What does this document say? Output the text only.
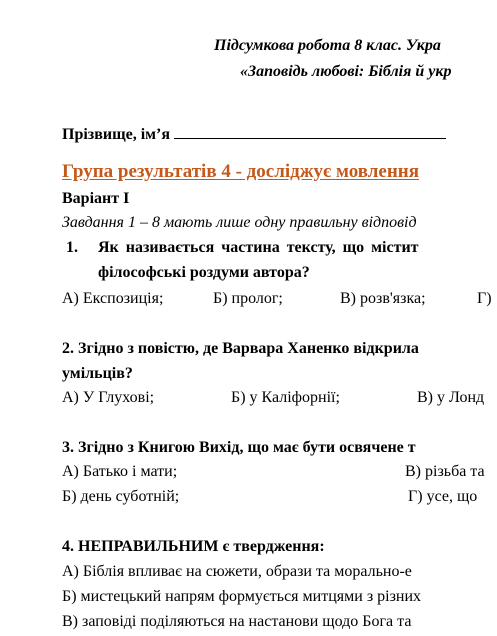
Підсумкова робота 8 клас. Укра
«Заповідь любові: Біблія й укр
Прізвище, ім’я
Група результатів 4 - досліджує мовлення
Варіант І
Завдання 1 – 8 мають лише одну правильну відповід
1. Як називається частина тексту, що містит
філософські роздуми автора?
А) Експозиція;	Б) пролог;	В) розв'язка;	Г)
2. Згідно з повістю, де Варвара Ханенко відкрила
умільців?
А) У Глухові;	Б) у Каліфорнії;	В) у Лонд
3. Згідно з Книгою Вихід, що має бути освячене т
А) Батько і мати;	В) різьба та
Б) день суботній;	Г) усе, що
4. НЕПРАВИЛЬНИМ є твердження:
А) Біблія впливає на сюжети, образи та морально-е
Б) мистецький напрям формується митцями з різних
В) заповіді поділяються на настанови щодо Бога та
